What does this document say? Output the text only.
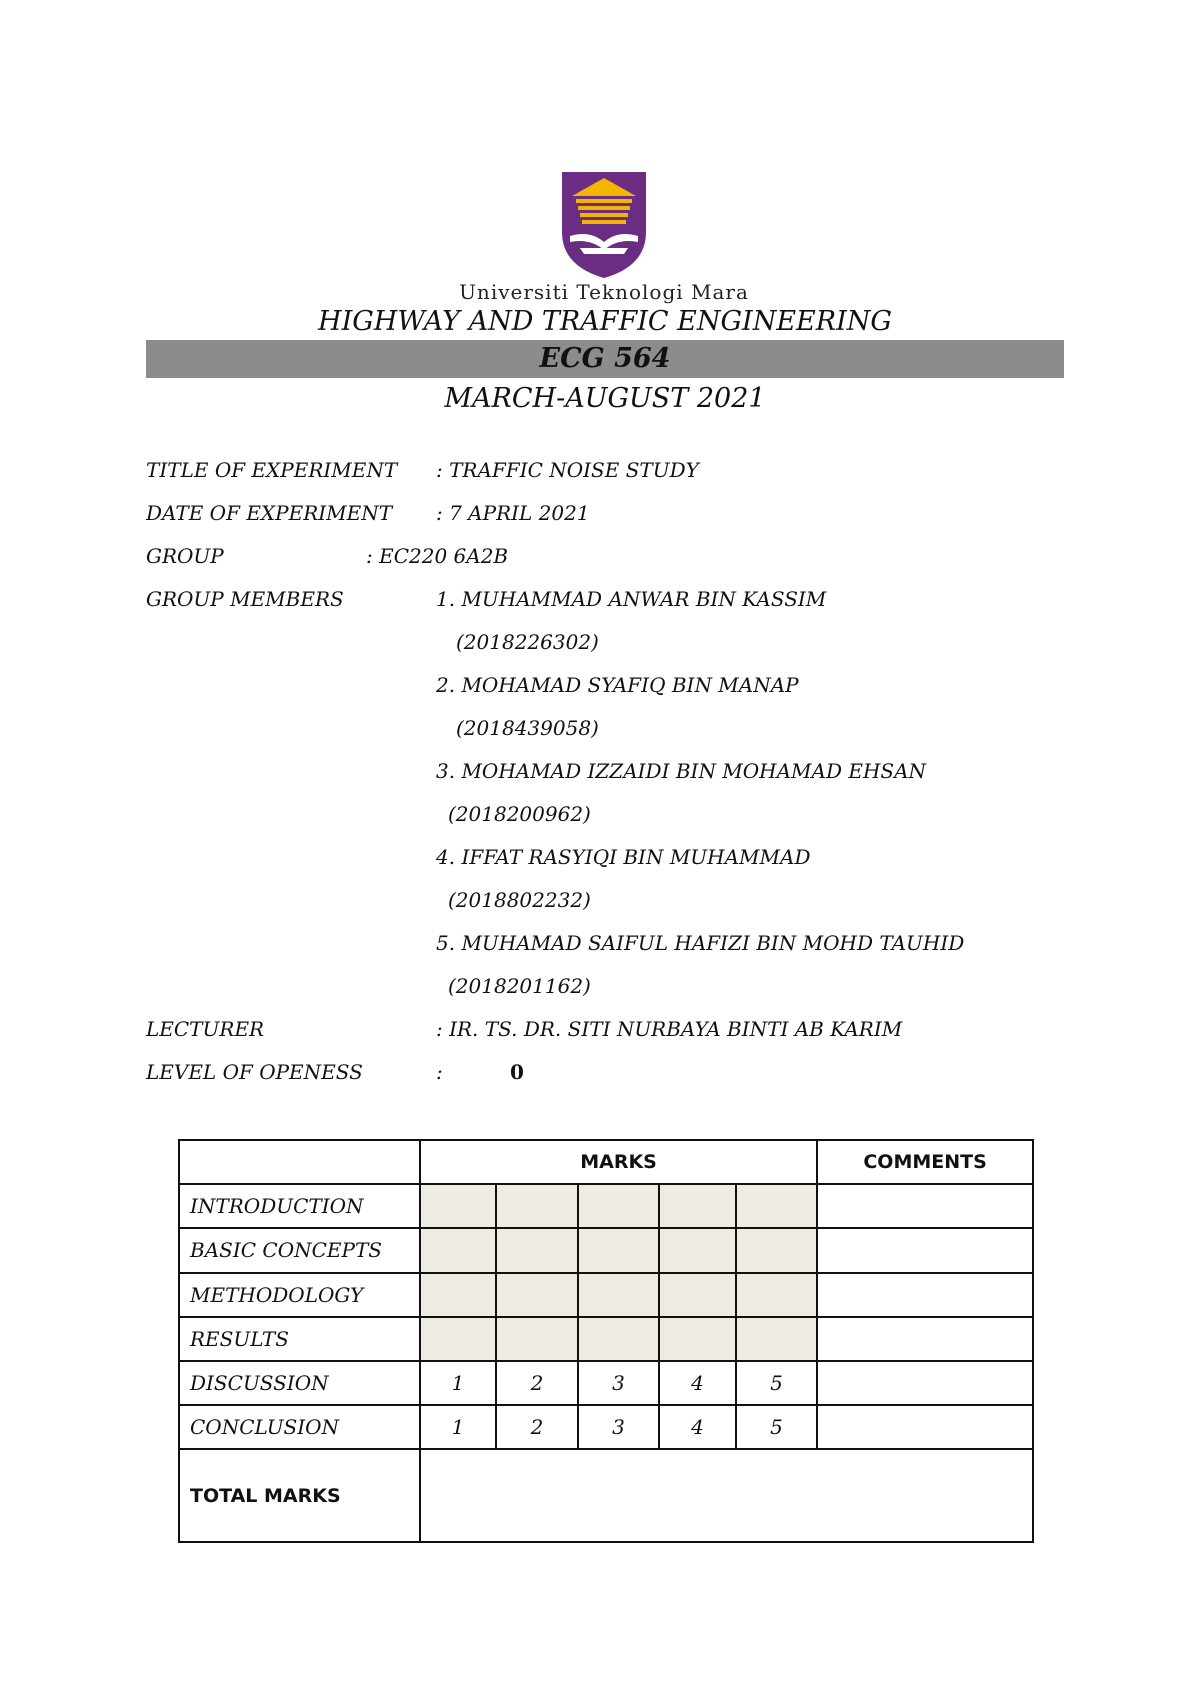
Universiti Teknologi Mara
HIGHWAY AND TRAFFIC ENGINEERING
ECG 564
MARCH-AUGUST 2021
TITLE OF EXPERIMENT : TRAFFIC NOISE STUDY
DATE OF EXPERIMENT : 7 APRIL 2021
GROUP	: EC220 6A2B
GROUP MEMBERS	1. MUHAMMAD ANWAR BIN KASSIM
(2018226302)
2. MOHAMAD SYAFIQ BIN MANAP
(2018439058)
3. MOHAMAD IZZAIDI BIN MOHAMAD EHSAN
(2018200962)
4. IFFAT RASYIQI BIN MUHAMMAD
(2018802232)
5. MUHAMAD SAIFUL HAFIZI BIN MOHD TAUHID
(2018201162)
LECTURER	: IR. TS. DR. SITI NURBAYA BINTI AB KARIM
LEVEL OF OPENESS	:	0
	MARKS					COMMENTS
INTRODUCTION						
BASIC CONCEPTS						
METHODOLOGY						
RESULTS						
DISCUSSION	1	2	3	4	5	
CONCLUSION	1	2	3	4	5	
TOTAL MARKS						
